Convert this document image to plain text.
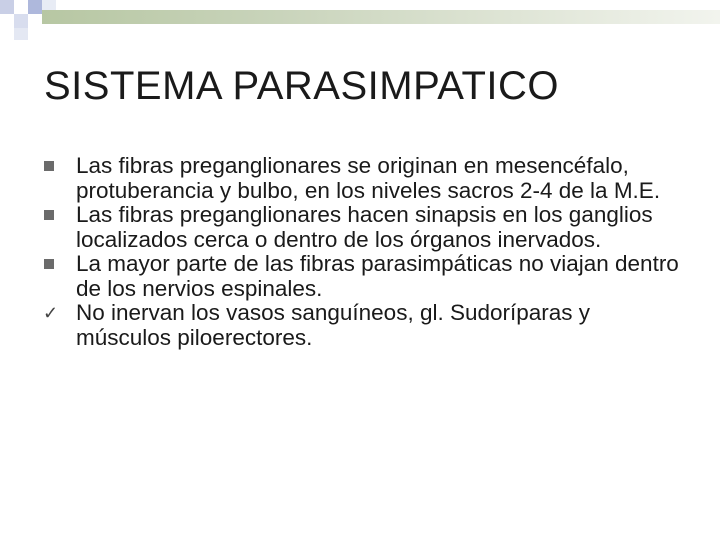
SISTEMA PARASIMPATICO
Las fibras preganglionares se originan en mesencéfalo, protuberancia y bulbo, en los niveles sacros 2-4 de la M.E.
Las fibras preganglionares hacen sinapsis en los ganglios localizados cerca o dentro de los órganos inervados.
La mayor parte de las fibras parasimpáticas no viajan dentro de los nervios espinales.
✓ No inervan los vasos sanguíneos, gl. Sudoríparas y músculos piloerectores.
